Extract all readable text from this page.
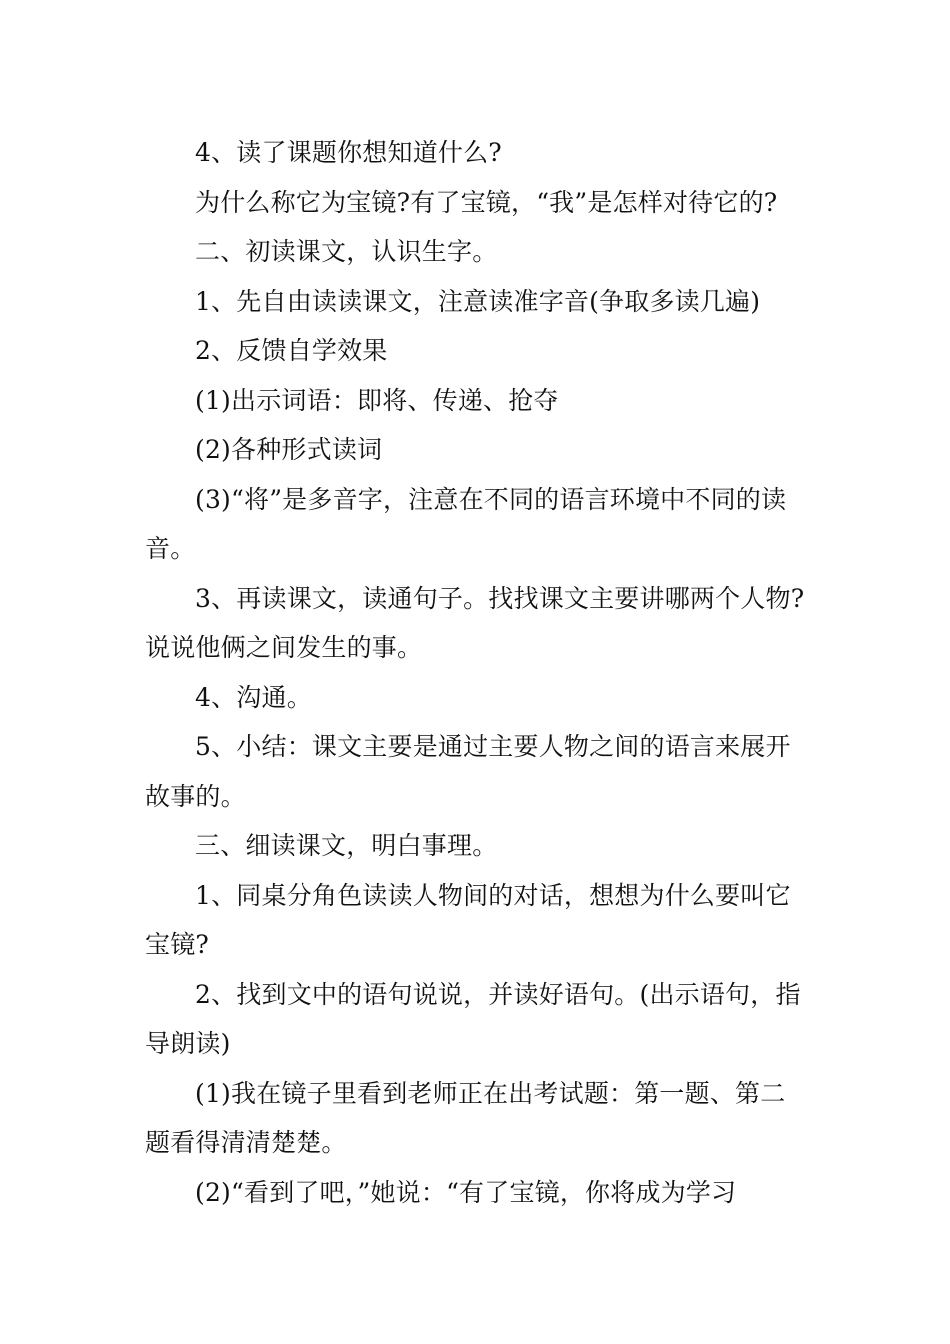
4、读了课题你想知道什么?

为什么称它为宝镜?有了宝镜，“我”是怎样对待它的?

二、初读课文，认识生字。

1、先自由读读课文，注意读准字音(争取多读几遍)

2、反馈自学效果

(1)出示词语：即将、传递、抢夺

(2)各种形式读词

(3)“将”是多音字，注意在不同的语言环境中不同的读音。

3、再读课文，读通句子。找找课文主要讲哪两个人物?说说他俩之间发生的事。

4、沟通。

5、小结：课文主要是通过主要人物之间的语言来展开故事的。

三、细读课文，明白事理。

1、同桌分角色读读人物间的对话，想想为什么要叫它宝镜?

2、找到文中的语句说说，并读好语句。(出示语句，指导朗读)

(1)我在镜子里看到老师正在出考试题：第一题、第二题看得清清楚楚。

(2)“看到了吧，”她说：“有了宝镜，你将成为学习
